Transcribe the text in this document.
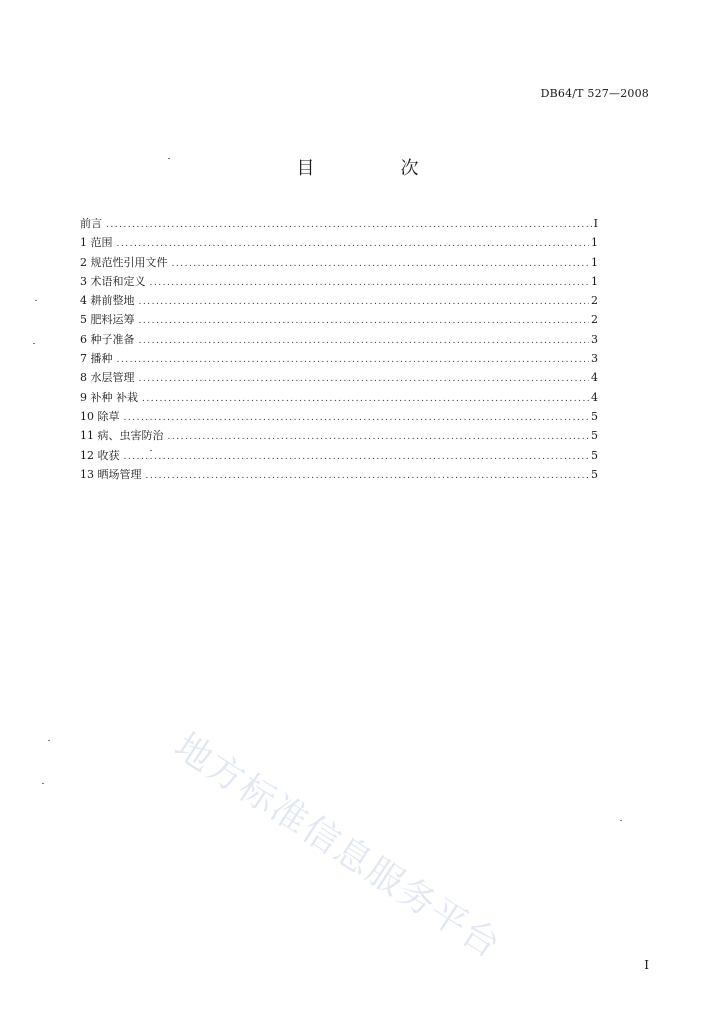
DB64/T 527—2008
目　次
前言 .....	I
1 范围 .....	1
2 规范性引用文件 .....	1
3 术语和定义 .....	1
4 耕前整地 .....	2
5 肥料运筹 .....	2
6 种子准备 .....	3
7 播种 .....	3
8 水层管理 .....	4
9 补种 补栽 .....	4
10 除草 .....	5
11 病、虫害防治 .....	5
12 收获 .....	5
13 晒场管理 .....	5
地方标准信息服务平台	I
